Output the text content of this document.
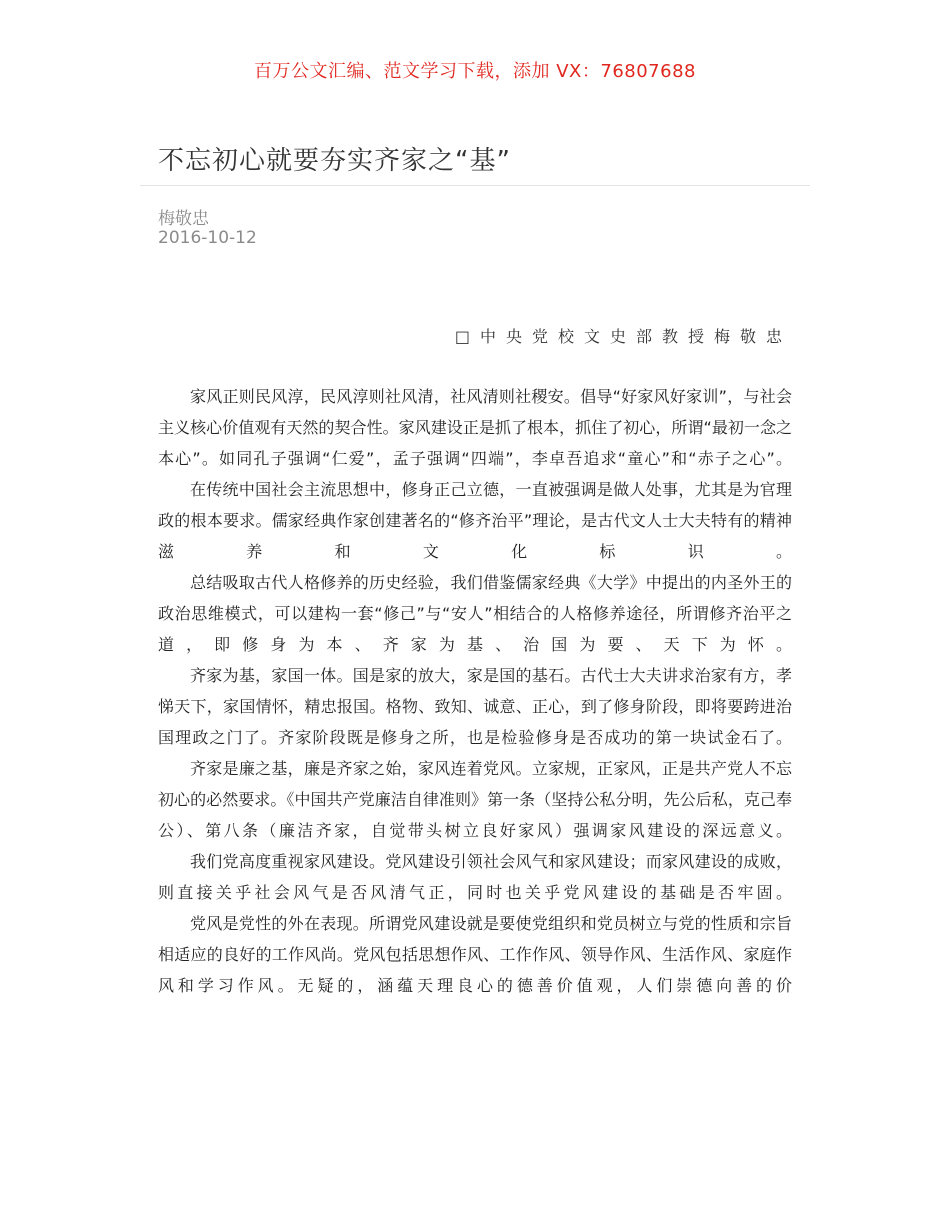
百万公文汇编、范文学习下载，添加 VX：76807688
不忘初心就要夯实齐家之“基”
梅敬忠
2016-10-12
□中央党校文史部教授梅敬忠

家风正则民风淳，民风淳则社风清，社风清则社稷安。倡导“好家风好家训”，与社会主义核心价值观有天然的契合性。家风建设正是抓了根本，抓住了初心，所谓“最初一念之本心”。如同孔子强调“仁爱”，孟子强调“四端”，李卓吾追求“童心”和“赤子之心”。

在传统中国社会主流思想中，修身正己立德，一直被强调是做人处事，尤其是为官理政的根本要求。儒家经典作家创建著名的“修齐治平”理论，是古代文人士大夫特有的精神滋养和文化标识。

总结吸取古代人格修养的历史经验，我们借鉴儒家经典《大学》中提出的内圣外王的政治思维模式，可以建构一套“修己”与“安人”相结合的人格修养途径，所谓修齐治平之道，即修身为本、齐家为基、治国为要、天下为怀。

齐家为基，家国一体。国是家的放大，家是国的基石。古代士大夫讲求治家有方，孝悌天下，家国情怀，精忠报国。格物、致知、诚意、正心，到了修身阶段，即将要跨进治国理政之门了。齐家阶段既是修身之所，也是检验修身是否成功的第一块试金石了。

齐家是廉之基，廉是齐家之始，家风连着党风。立家规，正家风，正是共产党人不忘初心的必然要求。《中国共产党廉洁自律准则》第一条（坚持公私分明，先公后私，克己奉公）、第八条（廉洁齐家，自觉带头树立良好家风）强调家风建设的深远意义。

我们党高度重视家风建设。党风建设引领社会风气和家风建设；而家风建设的成败，则直接关乎社会风气是否风清气正，同时也关乎党风建设的基础是否牢固。

党风是党性的外在表现。所谓党风建设就是要使党组织和党员树立与党的性质和宗旨相适应的良好的工作风尚。党风包括思想作风、工作作风、领导作风、生活作风、家庭作风和学习作风。无疑的，涵蕴天理良心的德善价值观，人们崇德向善的价
